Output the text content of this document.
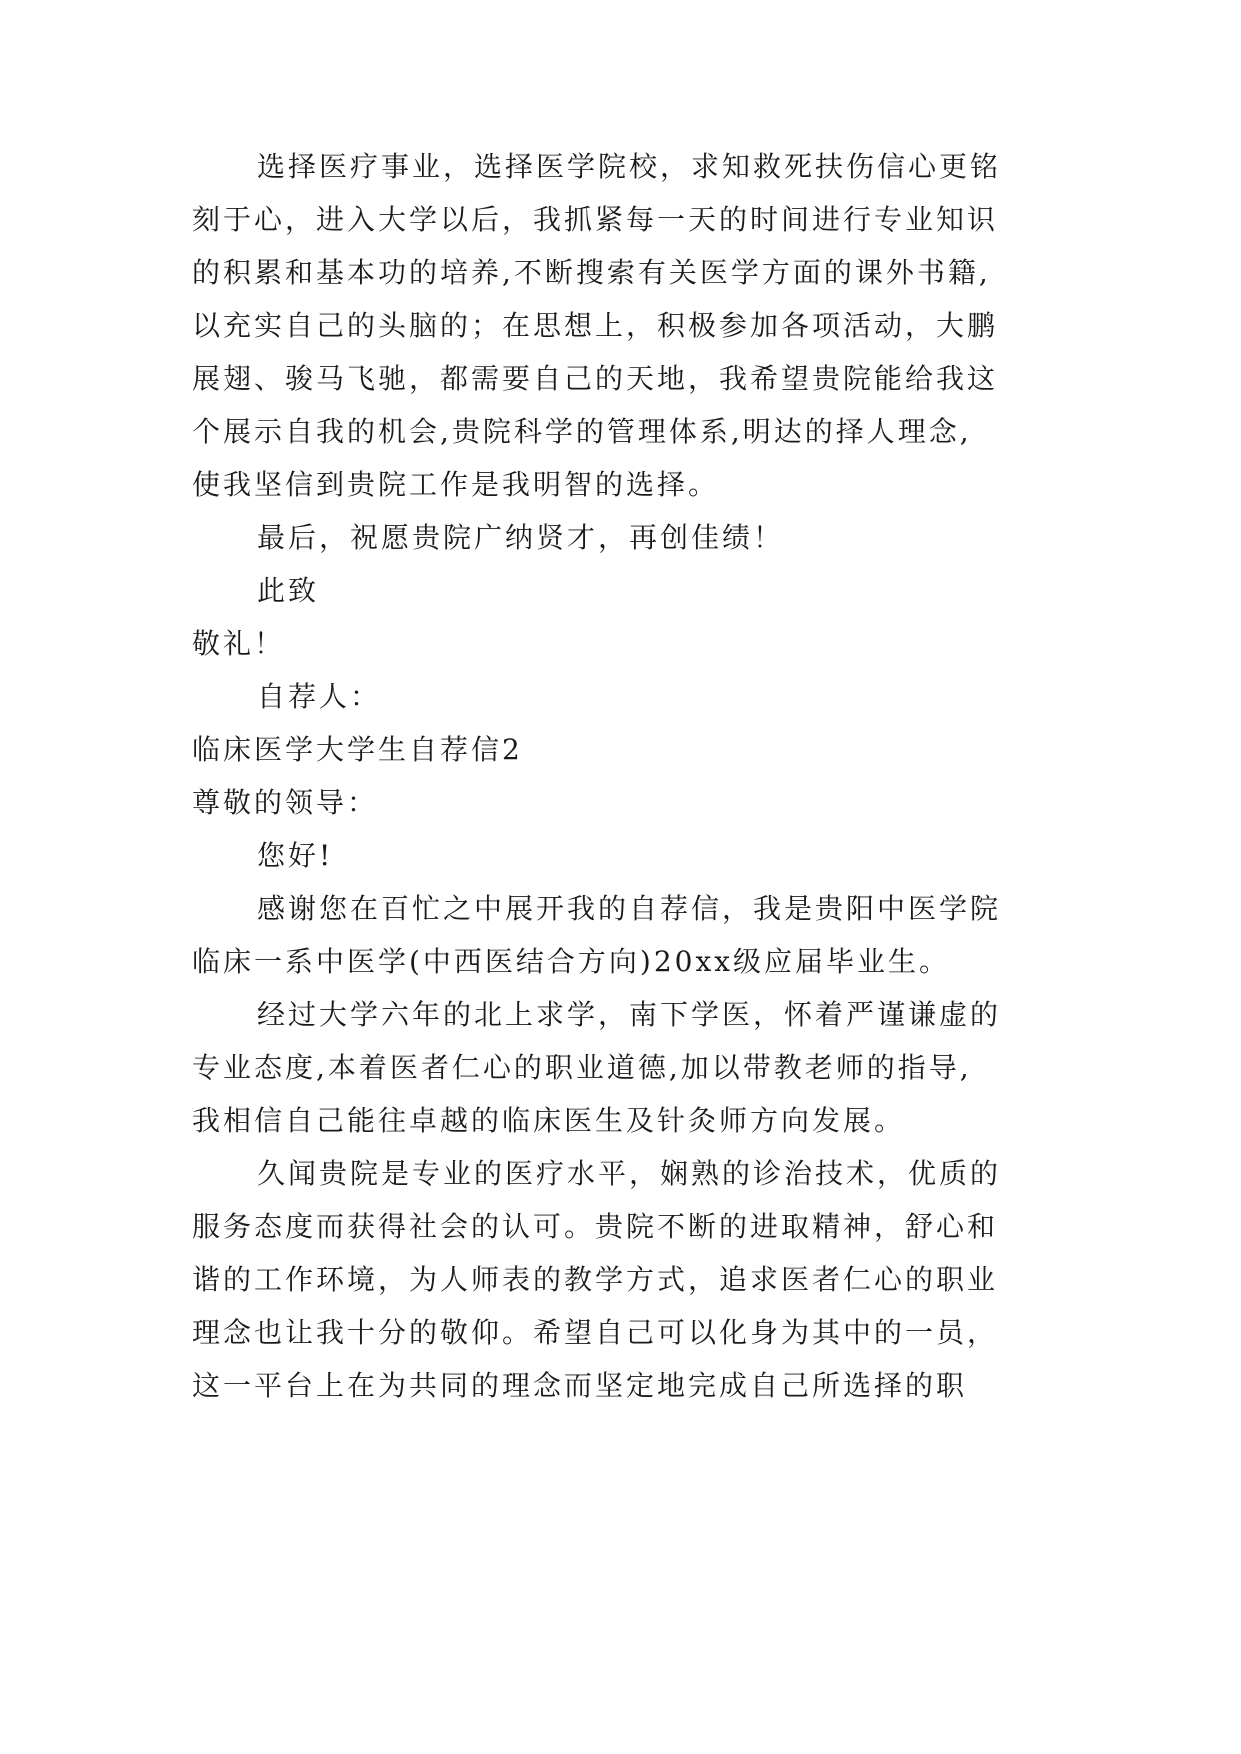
选择医疗事业，选择医学院校，求知救死扶伤信心更铭
刻于心，进入大学以后，我抓紧每一天的时间进行专业知识
的积累和基本功的培养,不断搜索有关医学方面的课外书籍,
以充实自己的头脑的；在思想上，积极参加各项活动，大鹏
展翅、骏马飞驰，都需要自己的天地，我希望贵院能给我这
个展示自我的机会,贵院科学的管理体系,明达的择人理念,
使我坚信到贵院工作是我明智的选择。
最后，祝愿贵院广纳贤才，再创佳绩！
此致
敬礼！
自荐人：
临床医学大学生自荐信2
尊敬的领导：
您好!
感谢您在百忙之中展开我的自荐信，我是贵阳中医学院
临床一系中医学(中西医结合方向)20xx级应届毕业生。
经过大学六年的北上求学，南下学医，怀着严谨谦虚的
专业态度,本着医者仁心的职业道德,加以带教老师的指导,
我相信自己能往卓越的临床医生及针灸师方向发展。
久闻贵院是专业的医疗水平，娴熟的诊治技术，优质的
服务态度而获得社会的认可。贵院不断的进取精神，舒心和
谐的工作环境，为人师表的教学方式，追求医者仁心的职业
理念也让我十分的敬仰。希望自己可以化身为其中的一员，
这一平台上在为共同的理念而坚定地完成自己所选择的职
